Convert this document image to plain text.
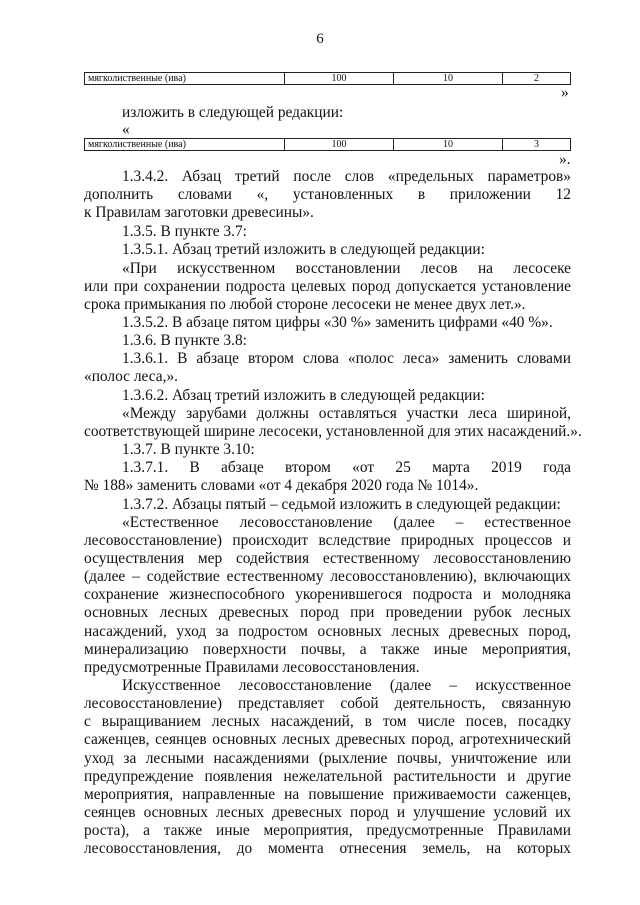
6
мягколиственные (ива)	100	10	2
»
изложить в следующей редакции:
«
мягколиственные (ива)	100	10	3
».
1.3.4.2. Абзац третий после слов «предельных параметров»
дополнить словами «, установленных в приложении 12
к Правилам заготовки древесины».
1.3.5. В пункте 3.7:
1.3.5.1. Абзац третий изложить в следующей редакции:
«При искусственном восстановлении лесов на лесосеке
или при сохранении подроста целевых пород допускается установление
срока примыкания по любой стороне лесосеки не менее двух лет.».
1.3.5.2. В абзаце пятом цифры «30 %» заменить цифрами «40 %».
1.3.6. В пункте 3.8:
1.3.6.1. В абзаце втором слова «полос леса» заменить словами
«полос леса,».
1.3.6.2. Абзац третий изложить в следующей редакции:
«Между зарубами должны оставляться участки леса шириной,
соответствующей ширине лесосеки, установленной для этих насаждений.».
1.3.7. В пункте 3.10:
1.3.7.1. В абзаце втором «от 25 марта 2019 года
№ 188» заменить словами «от 4 декабря 2020 года № 1014».
1.3.7.2. Абзацы пятый – седьмой изложить в следующей редакции:
«Естественное лесовосстановление (далее – естественное
лесовосстановление) происходит вследствие природных процессов и
осуществления мер содействия естественному лесовосстановлению
(далее – содействие естественному лесовосстановлению), включающих
сохранение жизнеспособного укоренившегося подроста и молодняка
основных лесных древесных пород при проведении рубок лесных
насаждений, уход за подростом основных лесных древесных пород,
минерализацию поверхности почвы, а также иные мероприятия,
предусмотренные Правилами лесовосстановления.
Искусственное лесовосстановление (далее – искусственное
лесовосстановление) представляет собой деятельность, связанную
с выращиванием лесных насаждений, в том числе посев, посадку
саженцев, сеянцев основных лесных древесных пород, агротехнический
уход за лесными насаждениями (рыхление почвы, уничтожение или
предупреждение появления нежелательной растительности и другие
мероприятия, направленные на повышение приживаемости саженцев,
сеянцев основных лесных древесных пород и улучшение условий их
роста), а также иные мероприятия, предусмотренные Правилами
лесовосстановления, до момента отнесения земель, на которых
